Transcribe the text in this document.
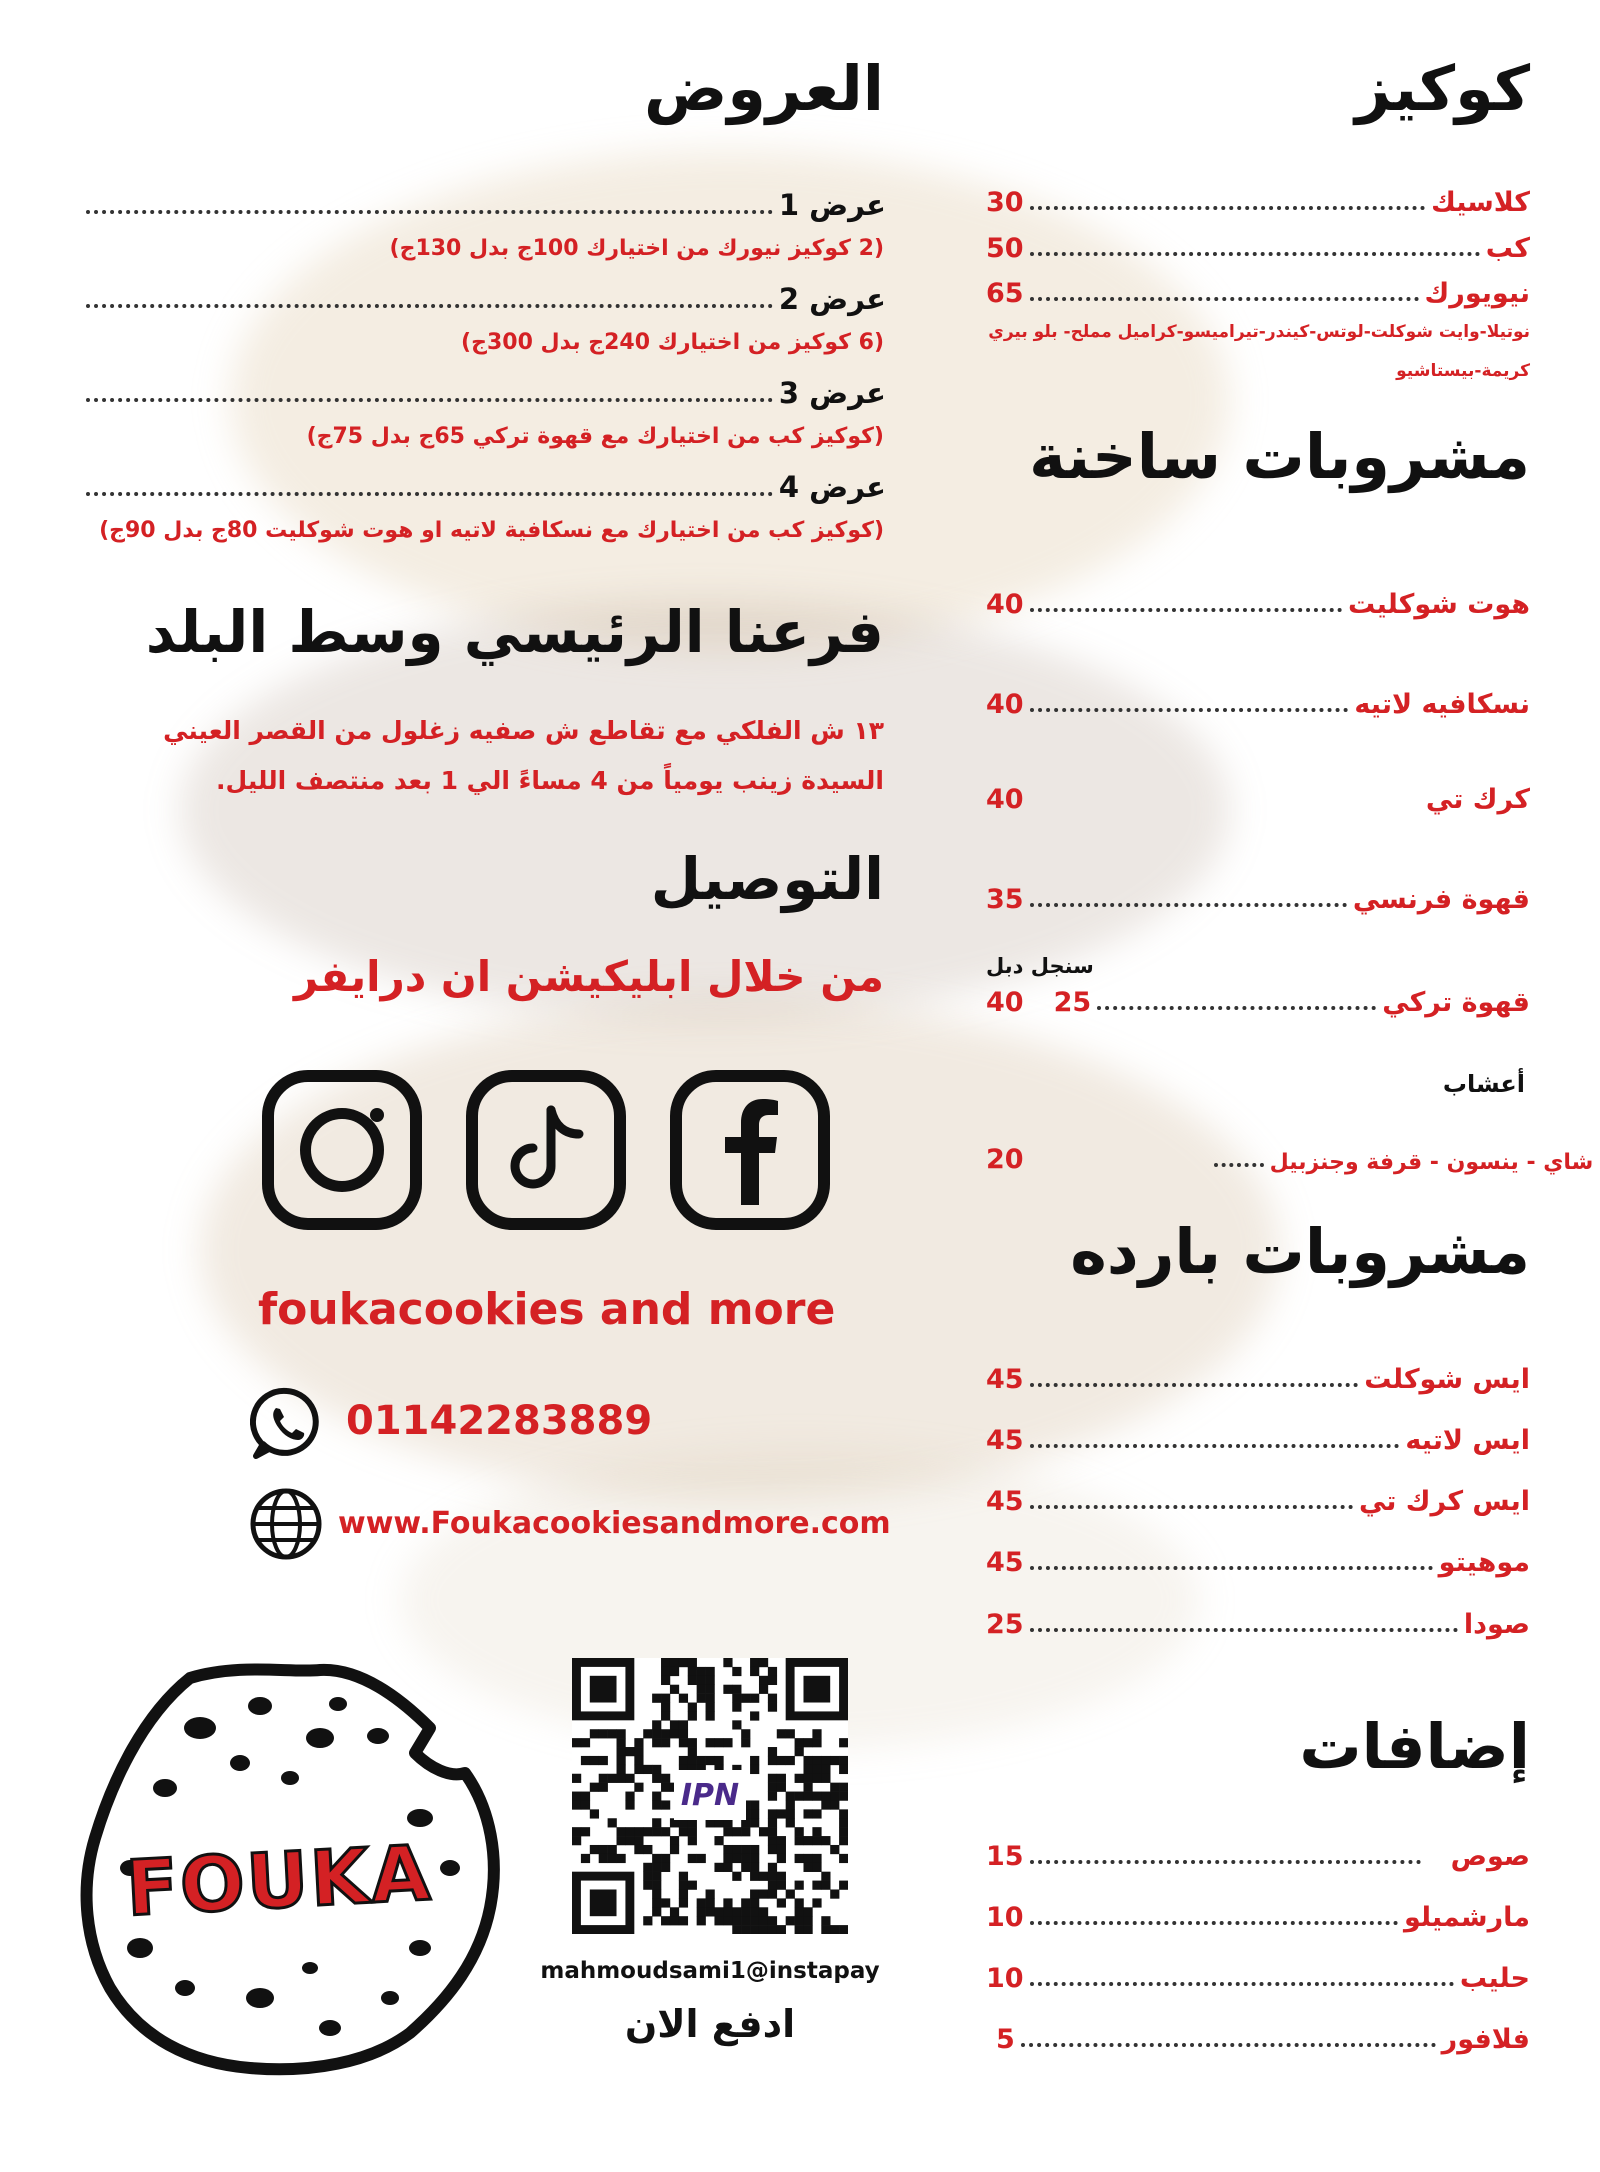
كوكيز
30	كلاسيك
50	كب
65	نيويورك
نوتيلا-وايت شوكلت-لوتس-كيندر-تيراميسو-كراميل مملح- بلو بيري
كريمة-بيستاشيو
مشروبات ساخنة
40	هوت شوكليت
40	نسكافيه لاتيه
40	كرك تي
35	قهوة فرنسي
سنجل دبل
40 25	قهوة تركي
أعشاب
20	شاي - ينسون - قرفة وجنزبيل
مشروبات بارده
45	ايس شوكلت
45	ايس لاتيه
45	ايس كرك تي
45	موهيتو
25	صودا
إضافات
15	صوص
10	مارشميلو
10	حليب
5	فلافور
العروض
عرض 1
(2 كوكيز نيورك من اختيارك 100ج بدل 130ج)
عرض 2
(6 كوكيز من اختيارك 240ج بدل 300ج)
عرض 3
(كوكيز كب من اختيارك مع قهوة تركي 65ج بدل 75ج)
عرض 4
(كوكيز كب من اختيارك مع نسكافية لاتيه او هوت شوكليت 80ج بدل 90ج)
فرعنا الرئيسي وسط البلد
١٣ ش الفلكي مع تقاطع ش صفيه زغلول من القصر العيني
السيدة زينب يومياً من 4 مساءً الي 1 بعد منتصف الليل.
التوصيل
من خلال ابليكيشن ان درايفر
foukacookies and more
01142283889
www.Foukacookiesandmore.com
IPN
mahmoudsami1@instapay
ادفع الان
FOUKA
